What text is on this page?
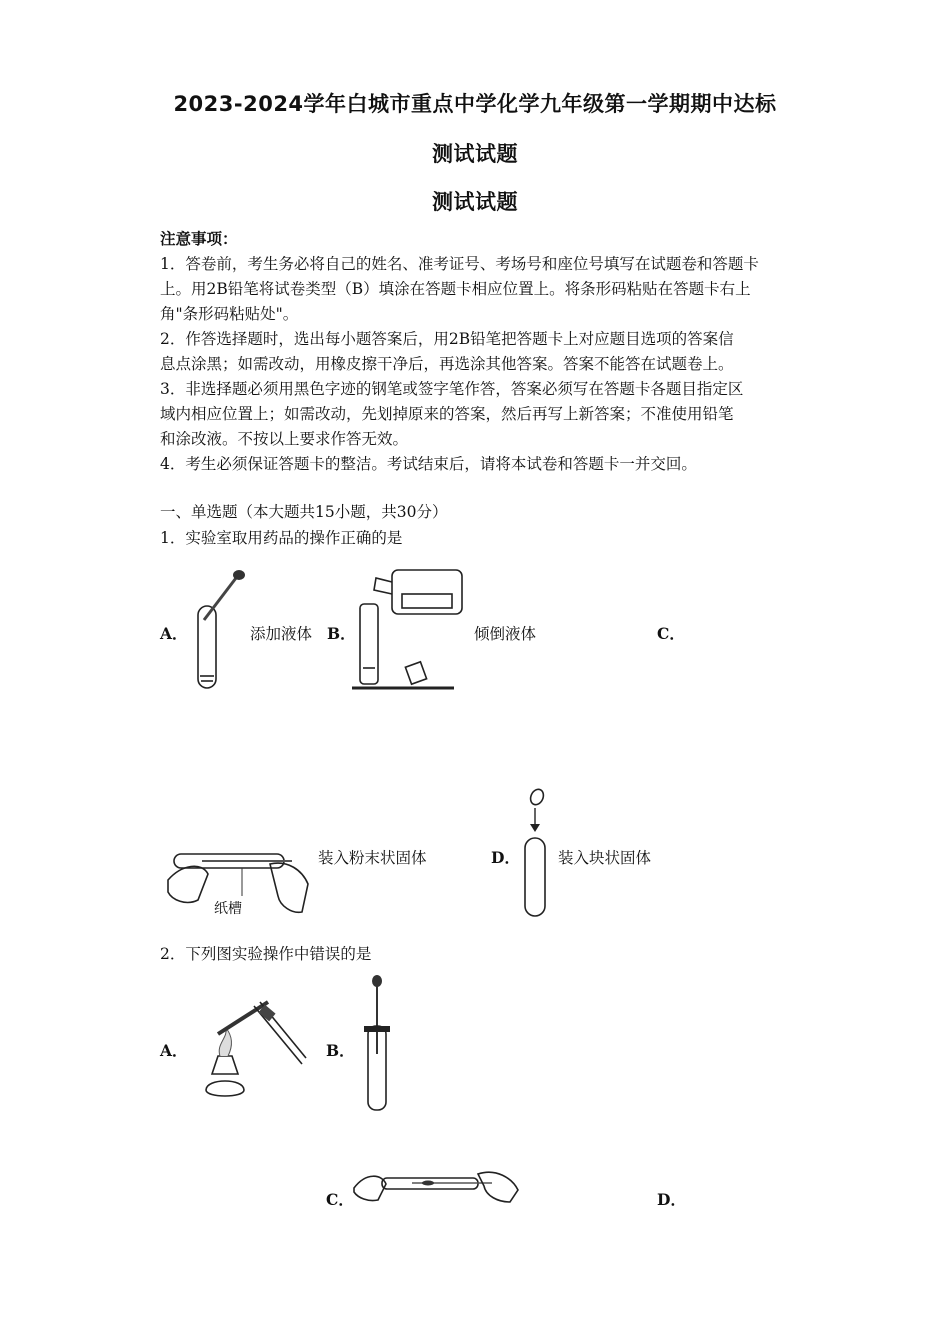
2023-2024学年白城市重点中学化学九年级第一学期期中达标
测试试题
测试试题
注意事项：
1．答卷前，考生务必将自己的姓名、准考证号、考场号和座位号填写在试题卷和答题卡
上。用2B铅笔将试卷类型（B）填涂在答题卡相应位置上。将条形码粘贴在答题卡右上
角"条形码粘贴处"。
2．作答选择题时，选出每小题答案后，用2B铅笔把答题卡上对应题目选项的答案信
息点涂黑；如需改动，用橡皮擦干净后，再选涂其他答案。答案不能答在试题卷上。
3．非选择题必须用黑色字迹的钢笔或签字笔作答，答案必须写在答题卡各题目指定区
域内相应位置上；如需改动，先划掉原来的答案，然后再写上新答案；不准使用铅笔
和涂改液。不按以上要求作答无效。
4．考生必须保证答题卡的整洁。考试结束后，请将本试卷和答题卡一并交回。
一、单选题（本大题共15小题，共30分）
1．实验室取用药品的操作正确的是
A．	添加液体 B．	倾倒液体	C．
纸槽
装入粉末状固体	D． 装入块状固体
2．下列图实验操作中错误的是
A．	B．
C．	D．
